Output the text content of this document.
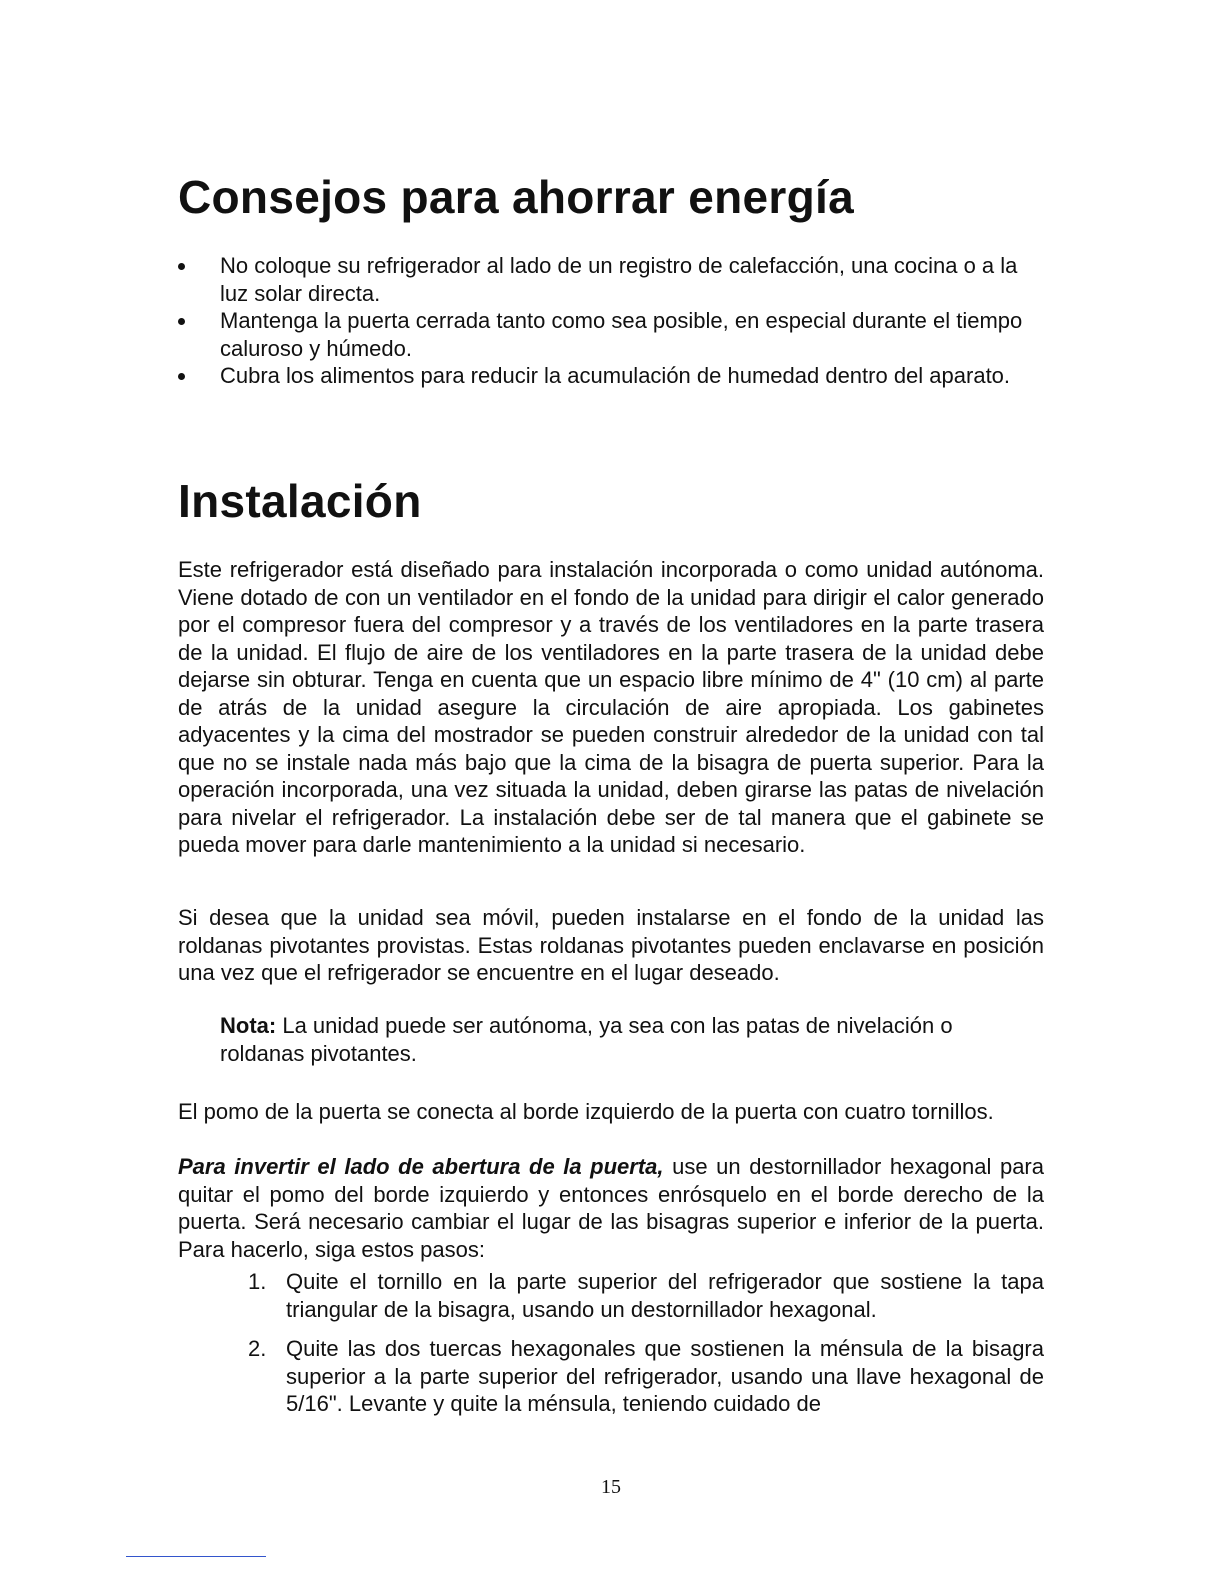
Consejos para ahorrar energía
No coloque su refrigerador al lado de un registro de calefacción, una cocina o a la luz solar directa.
Mantenga la puerta cerrada tanto como sea posible, en especial durante el tiempo caluroso y húmedo.
Cubra los alimentos para reducir la acumulación de humedad dentro del aparato.
Instalación

Este refrigerador está diseñado para instalación incorporada o como unidad autónoma. Viene dotado de con un ventilador en el fondo de la unidad para dirigir el calor generado por el compresor fuera del compresor y a través de los ventiladores en la parte trasera de la unidad. El flujo de aire de los ventiladores en la parte trasera de la unidad debe dejarse sin obturar. Tenga en cuenta que un espacio libre mínimo de 4" (10 cm) al parte de atrás de la unidad asegure la circulación de aire apropiada. Los gabinetes adyacentes y la cima del mostrador se pueden construir alrededor de la unidad con tal que no se instale nada más bajo que la cima de la bisagra de puerta superior. Para la operación incorporada, una vez situada la unidad, deben girarse las patas de nivelación para nivelar el refrigerador. La instalación debe ser de tal manera que el gabinete se pueda mover para darle mantenimiento a la unidad si necesario.

Si desea que la unidad sea móvil, pueden instalarse en el fondo de la unidad las roldanas pivotantes provistas. Estas roldanas pivotantes pueden enclavarse en posición una vez que el refrigerador se encuentre en el lugar deseado.

Nota: La unidad puede ser autónoma, ya sea con las patas de nivelación o roldanas pivotantes.

El pomo de la puerta se conecta al borde izquierdo de la puerta con cuatro tornillos.

Para invertir el lado de abertura de la puerta, use un destornillador hexagonal para quitar el pomo del borde izquierdo y entonces enrósquelo en el borde derecho de la puerta. Será necesario cambiar el lugar de las bisagras superior e inferior de la puerta. Para hacerlo, siga estos pasos:

1. Quite el tornillo en la parte superior del refrigerador que sostiene la tapa triangular de la bisagra, usando un destornillador hexagonal.
2. Quite las dos tuercas hexagonales que sostienen la ménsula de la bisagra superior a la parte superior del refrigerador, usando una llave hexagonal de 5/16". Levante y quite la ménsula, teniendo cuidado de
15
